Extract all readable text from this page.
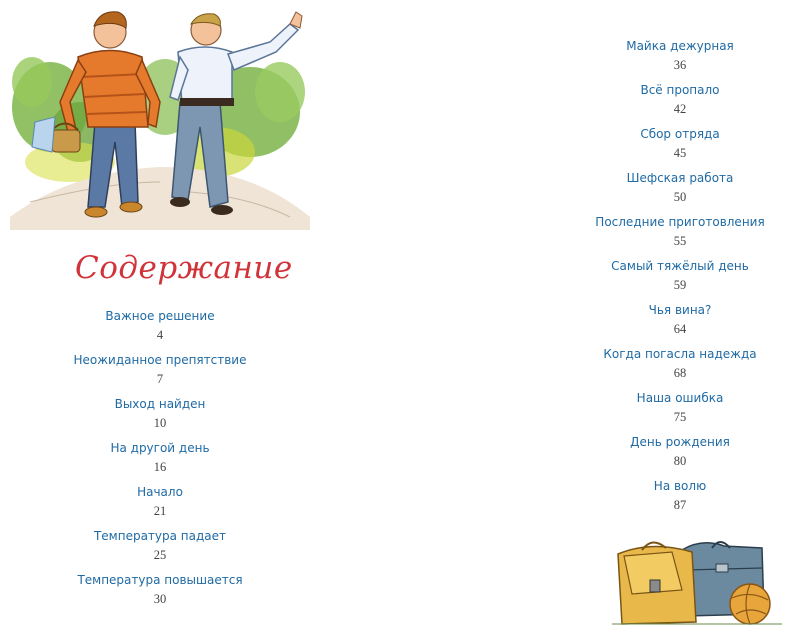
Содержание
Важное решение
4
Неожиданное препятствие
7
Выход найден
10
На другой день
16
Начало
21
Температура падает
25
Температура повышается
30
Майка дежурная
36
Всё пропало
42
Сбор отряда
45
Шефская работа
50
Последние приготовления
55
Самый тяжёлый день
59
Чья вина?
64
Когда погасла надежда
68
Наша ошибка
75
День рождения
80
На волю
87
